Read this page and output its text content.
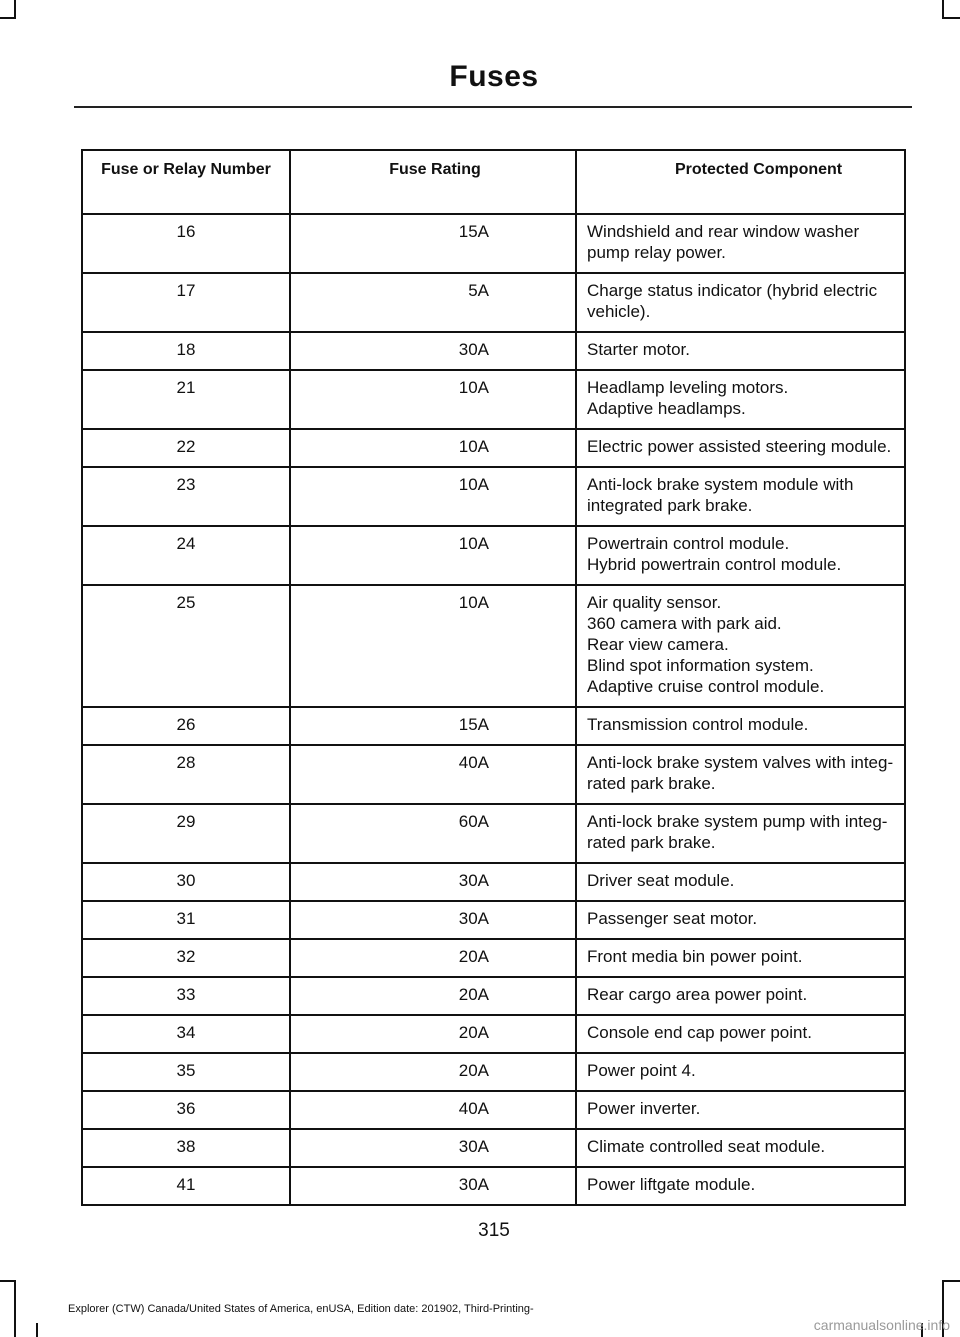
Fuses
Fuse or Relay Number	Fuse Rating	Protected Component
16	15A	Windshield and rear window washer pump relay power.
17	5A	Charge status indicator (hybrid electric vehicle).
18	30A	Starter motor.
21	10A	Headlamp leveling motors.
Adaptive headlamps.
22	10A	Electric power assisted steering module.
23	10A	Anti-lock brake system module with integrated park brake.
24	10A	Powertrain control module.
Hybrid powertrain control module.
25	10A	Air quality sensor.
360 camera with park aid.
Rear view camera.
Blind spot information system.
Adaptive cruise control module.
26	15A	Transmission control module.
28	40A	Anti-lock brake system valves with integ-
rated park brake.
29	60A	Anti-lock brake system pump with integ-
rated park brake.
30	30A	Driver seat module.
31	30A	Passenger seat motor.
32	20A	Front media bin power point.
33	20A	Rear cargo area power point.
34	20A	Console end cap power point.
35	20A	Power point 4.
36	40A	Power inverter.
38	30A	Climate controlled seat module.
41	30A	Power liftgate module.
315
Explorer (CTW) Canada/United States of America, enUSA, Edition date: 201902, Third-Printing-
carmanualsonline.info
